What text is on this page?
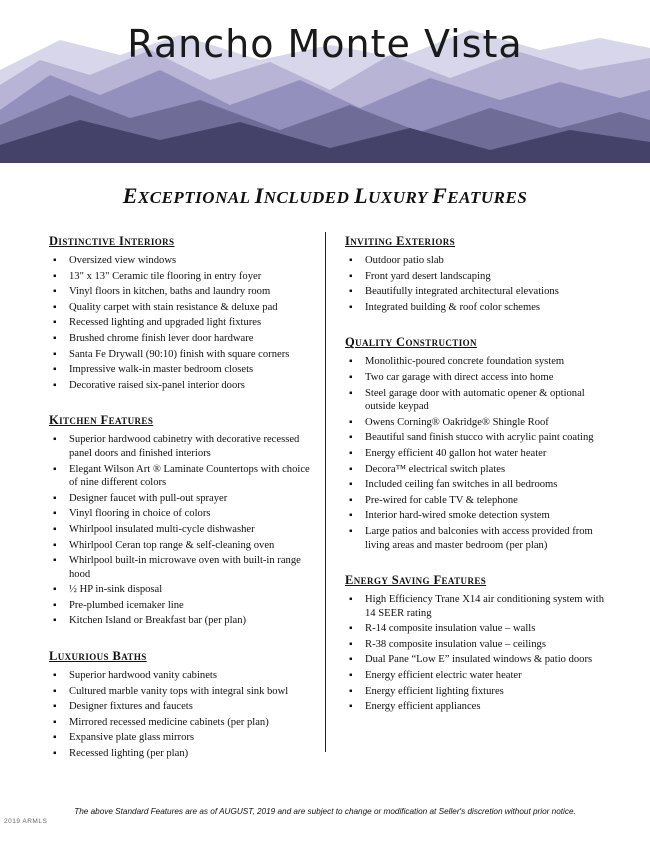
Rancho Monte Vista
EXCEPTIONAL INCLUDED LUXURY FEATURES
Distinctive Interiors
▪ Oversized view windows
▪ 13" x 13" Ceramic tile flooring in entry foyer
▪ Vinyl floors in kitchen, baths and laundry room
▪ Quality carpet with stain resistance & deluxe pad
▪ Recessed lighting and upgraded light fixtures
▪ Brushed chrome finish lever door hardware
▪ Santa Fe Drywall (90:10) finish with square corners
▪ Impressive walk-in master bedroom closets
▪ Decorative raised six-panel interior doors
Kitchen Features
▪ Superior hardwood cabinetry with decorative recessed panel doors and finished interiors
▪ Elegant Wilson Art ® Laminate Countertops with choice of nine different colors
▪ Designer faucet with pull-out sprayer
▪ Vinyl flooring in choice of colors
▪ Whirlpool insulated multi-cycle dishwasher
▪ Whirlpool Ceran top range & self-cleaning oven
▪ Whirlpool built-in microwave oven with built-in range hood
▪ ½ HP in-sink disposal
▪ Pre-plumbed icemaker line
▪ Kitchen Island or Breakfast bar (per plan)
Luxurious Baths
▪ Superior hardwood vanity cabinets
▪ Cultured marble vanity tops with integral sink bowl
▪ Designer fixtures and faucets
▪ Mirrored recessed medicine cabinets (per plan)
▪ Expansive plate glass mirrors
▪ Recessed lighting (per plan)
Inviting Exteriors
▪ Outdoor patio slab
▪ Front yard desert landscaping
▪ Beautifully integrated architectural elevations
▪ Integrated building & roof color schemes
Quality Construction
▪ Monolithic-poured concrete foundation system
▪ Two car garage with direct access into home
▪ Steel garage door with automatic opener & optional outside keypad
▪ Owens Corning® Oakridge® Shingle Roof
▪ Beautiful sand finish stucco with acrylic paint coating
▪ Energy efficient 40 gallon hot water heater
▪ Decora™ electrical switch plates
▪ Included ceiling fan switches in all bedrooms
▪ Pre-wired for cable TV & telephone
▪ Interior hard-wired smoke detection system
▪ Large patios and balconies with access provided from living areas and master bedroom (per plan)
Energy Saving Features
▪ High Efficiency Trane X14 air conditioning system with 14 SEER rating
▪ R-14 composite insulation value – walls
▪ R-38 composite insulation value – ceilings
▪ Dual Pane “Low E” insulated windows & patio doors
▪ Energy efficient electric water heater
▪ Energy efficient lighting fixtures
▪ Energy efficient appliances
The above Standard Features are as of AUGUST, 2019 and are subject to change or modification at Seller's discretion without prior notice.
2019 ARMLS
